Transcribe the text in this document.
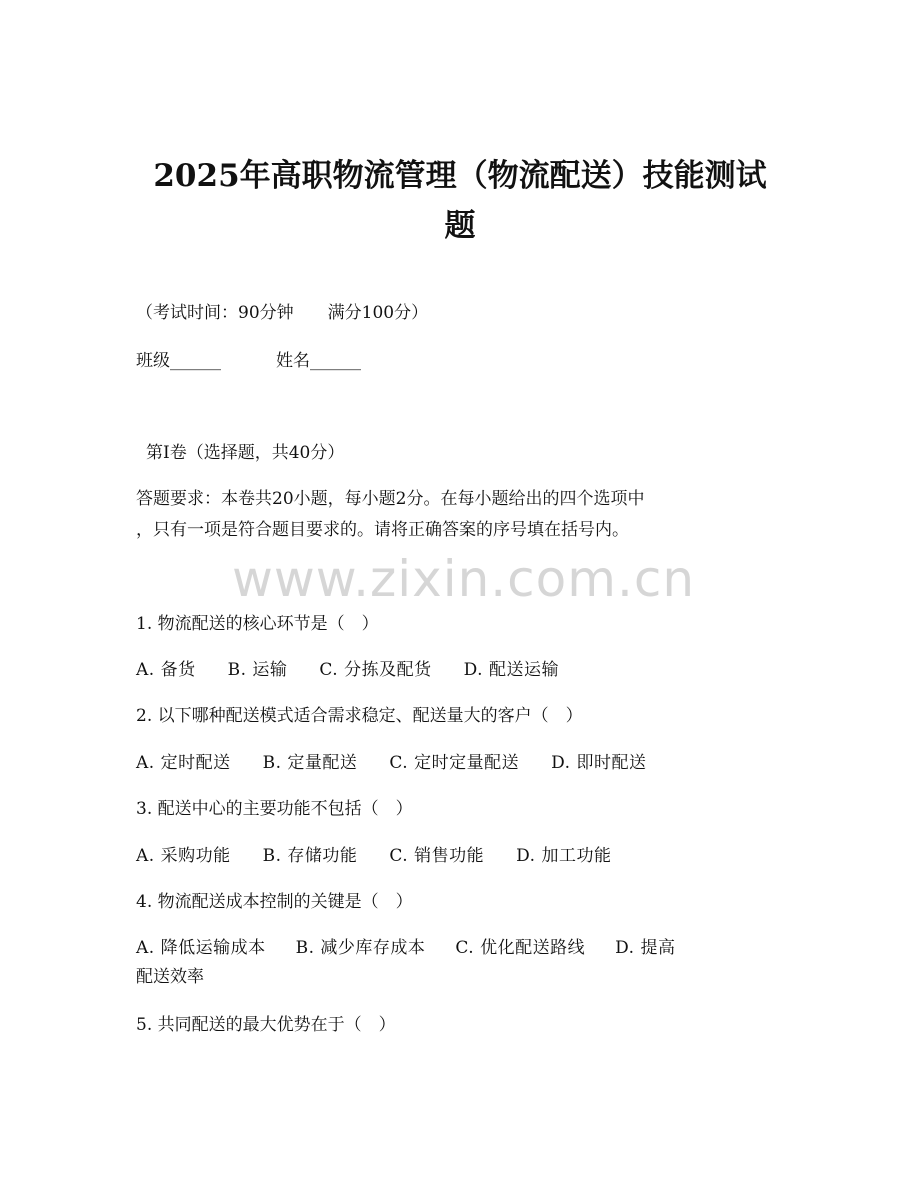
2025年高职物流管理（物流配送）技能测试
题
（考试时间：90分钟　　满分100分）
班级______	姓名______
第Ⅰ卷（选择题，共40分）
答题要求：本卷共20小题，每小题2分。在每小题给出的四个选项中
，只有一项是符合题目要求的。请将正确答案的序号填在括号内。
www.zixin.com.cn
1. 物流配送的核心环节是（　）
A. 备货 B. 运输 C. 分拣及配货 D. 配送运输
2. 以下哪种配送模式适合需求稳定、配送量大的客户（　）
A. 定时配送 B. 定量配送 C. 定时定量配送 D. 即时配送
3. 配送中心的主要功能不包括（　）
A. 采购功能 B. 存储功能 C. 销售功能 D. 加工功能
4. 物流配送成本控制的关键是（　）
A. 降低运输成本 B. 减少库存成本 C. 优化配送路线 D. 提高
配送效率
5. 共同配送的最大优势在于（　）
